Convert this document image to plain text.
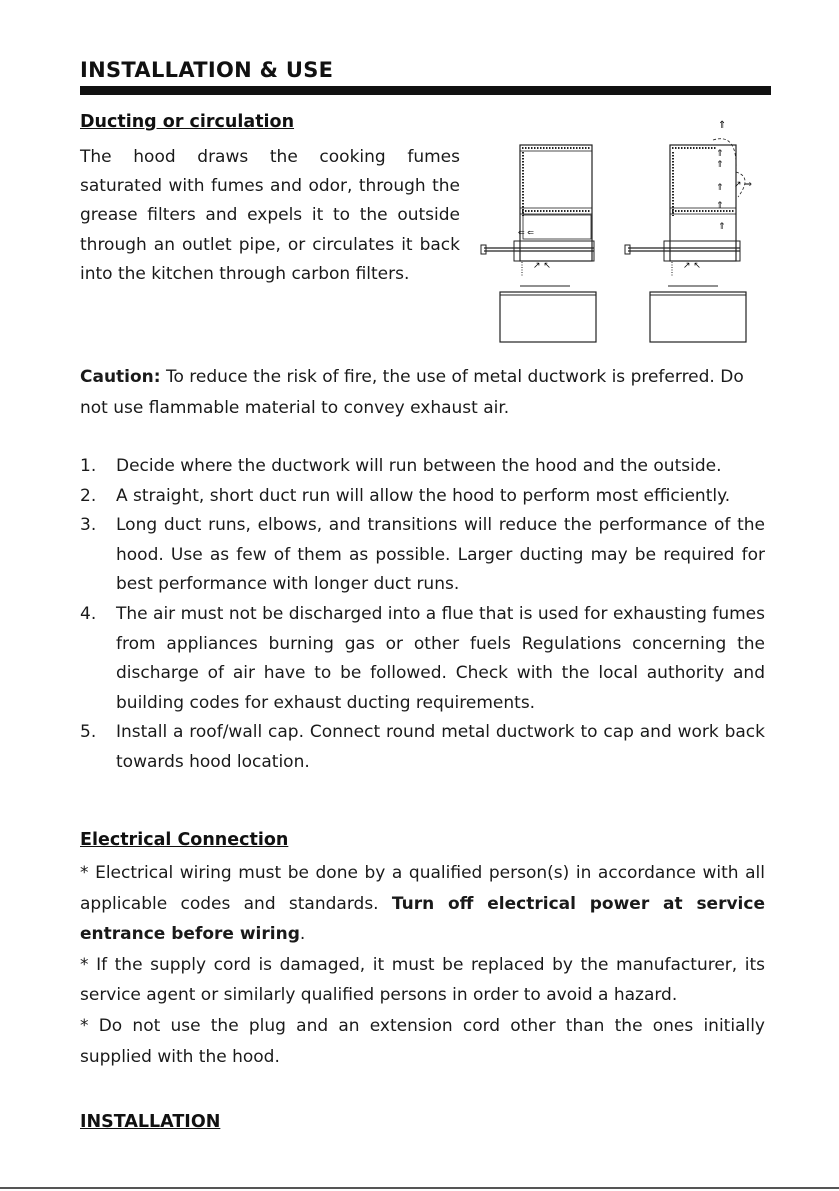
INSTALLATION & USE
Ducting or circulation

The hood draws the cooking fumes saturated with fumes and odor, through the grease filters and expels it to the outside through an outlet pipe, or circulates it back into the kitchen through carbon filters.

⇐ ⇐
↗ ↖
⇑
⇑
⇑
⇑
⇑
↗ ⇒
⇑
↗ ↖

Caution: To reduce the risk of fire, the use of metal ductwork is preferred. Do not use flammable material to convey exhaust air.

1. Decide where the ductwork will run between the hood and the outside.
2. A straight, short duct run will allow the hood to perform most efficiently.
3. Long duct runs, elbows, and transitions will reduce the performance of the hood. Use as few of them as possible. Larger ducting may be required for best performance with longer duct runs.
4. The air must not be discharged into a flue that is used for exhausting fumes from appliances burning gas or other fuels Regulations concerning the discharge of air have to be followed. Check with the local authority and building codes for exhaust ducting requirements.
5. Install a roof/wall cap. Connect round metal ductwork to cap and work back towards hood location.
Electrical Connection

* Electrical wiring must be done by a qualified person(s) in accordance with all applicable codes and standards. Turn off electrical power at service entrance before wiring.

* If the supply cord is damaged, it must be replaced by the manufacturer, its service agent or similarly qualified persons in order to avoid a hazard.

* Do not use the plug and an extension cord other than the ones initially supplied with the hood.

INSTALLATION
